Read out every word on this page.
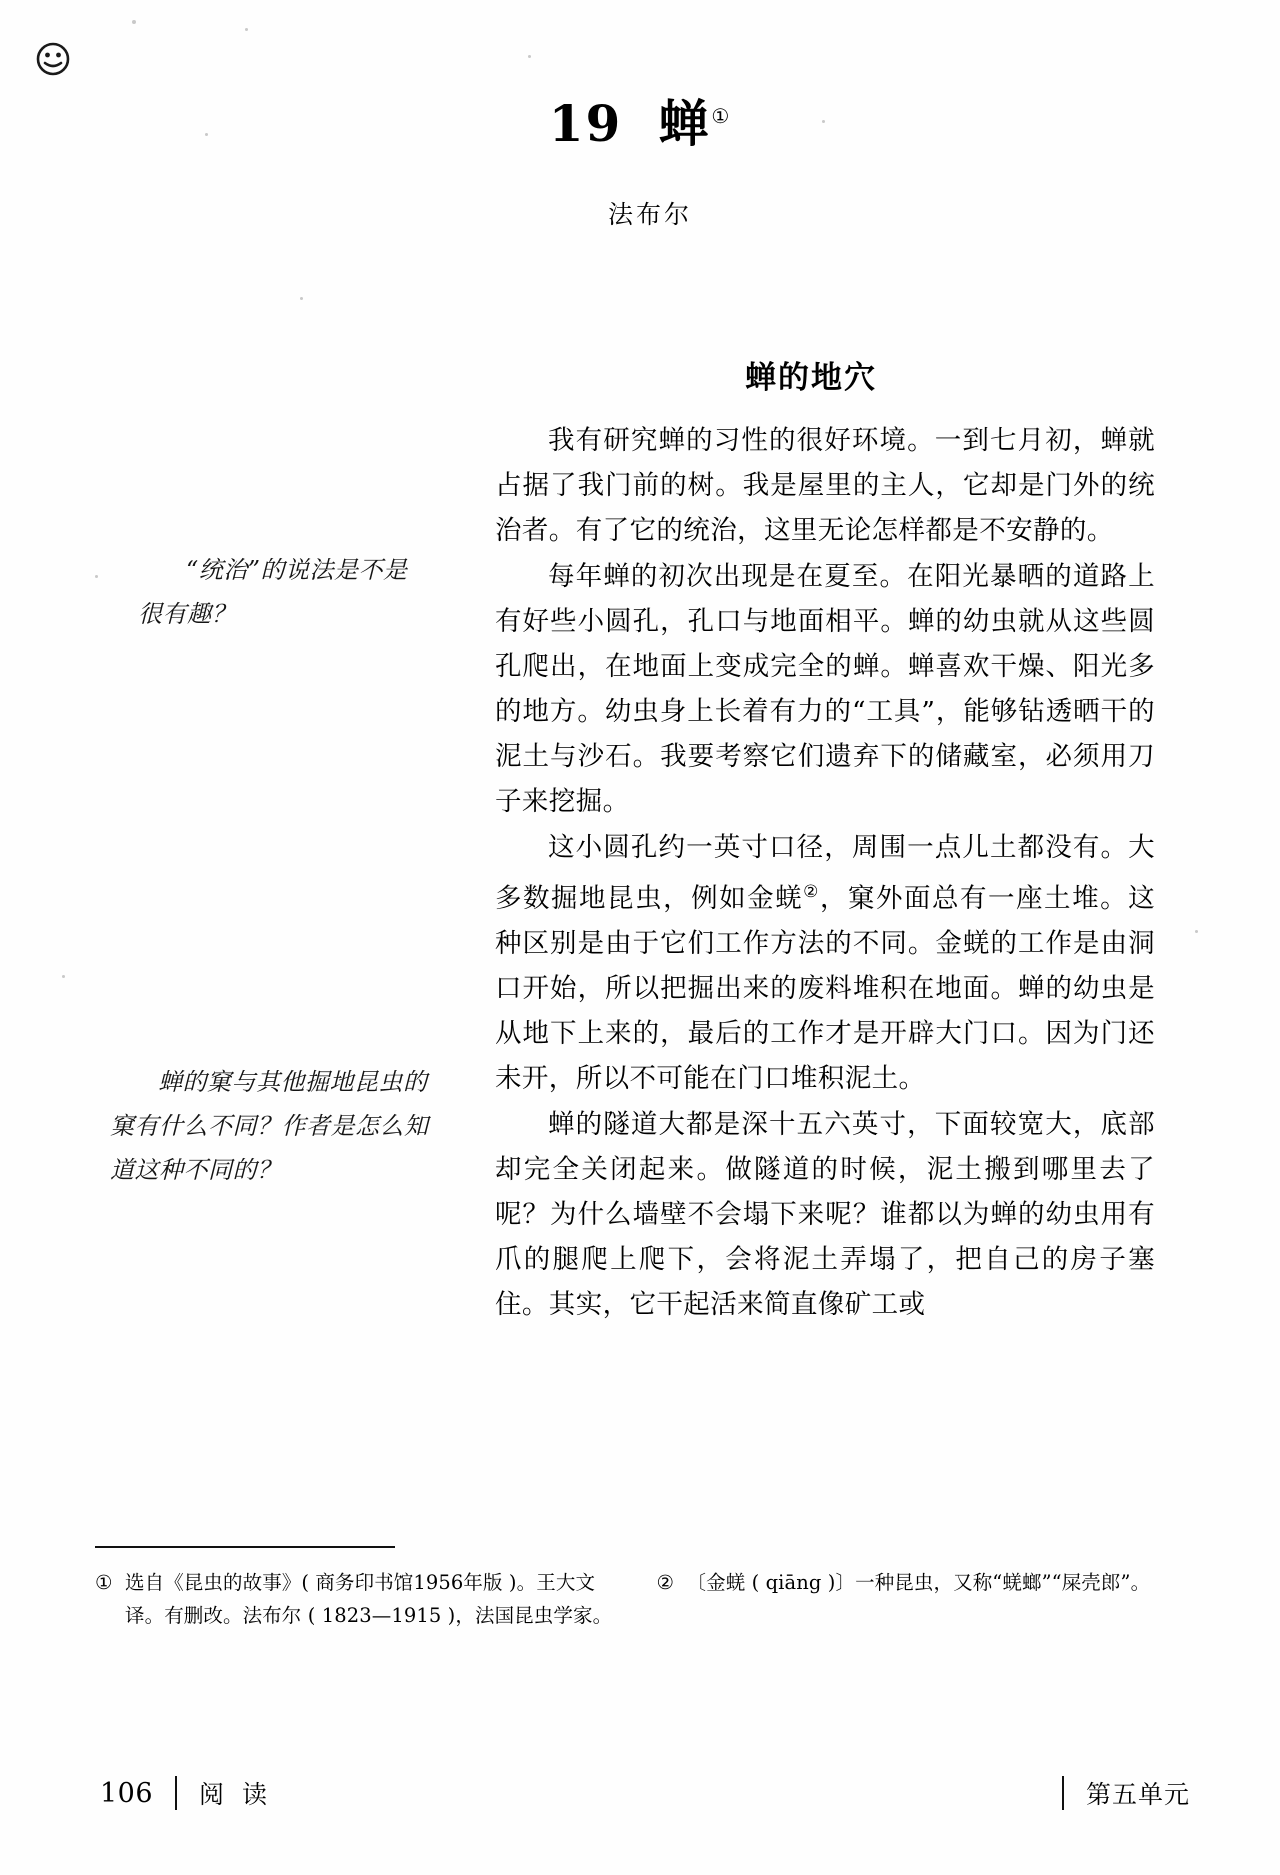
19 蝉①
法布尔
蝉的地穴
“统治”的说法是不是很有趣？
蝉的窠与其他掘地昆虫的窠有什么不同？作者是怎么知道这种不同的？

我有研究蝉的习性的很好环境。一到七月初，蝉就占据了我门前的树。我是屋里的主人，它却是门外的统治者。有了它的统治，这里无论怎样都是不安静的。

每年蝉的初次出现是在夏至。在阳光暴晒的道路上有好些小圆孔，孔口与地面相平。蝉的幼虫就从这些圆孔爬出，在地面上变成完全的蝉。蝉喜欢干燥、阳光多的地方。幼虫身上长着有力的“工具”，能够钻透晒干的泥土与沙石。我要考察它们遗弃下的储藏室，必须用刀子来挖掘。

这小圆孔约一英寸口径，周围一点儿土都没有。大多数掘地昆虫，例如金蜣②，窠外面总有一座土堆。这种区别是由于它们工作方法的不同。金蜣的工作是由洞口开始，所以把掘出来的废料堆积在地面。蝉的幼虫是从地下上来的，最后的工作才是开辟大门口。因为门还未开，所以不可能在门口堆积泥土。

蝉的隧道大都是深十五六英寸，下面较宽大，底部却完全关闭起来。做隧道的时候，泥土搬到哪里去了呢？为什么墙壁不会塌下来呢？谁都以为蝉的幼虫用有爪的腿爬上爬下，会将泥土弄塌了，把自己的房子塞住。其实，它干起活来简直像矿工或

① 选自《昆虫的故事》( 商务印书馆1956年版 )。王大文译。有删改。法布尔 ( 1823—1915 )，法国昆虫学家。
② 〔金蜣 ( qiāng )〕一种昆虫，又称“蜣螂”“屎壳郎”。
106 阅 读	第五单元
